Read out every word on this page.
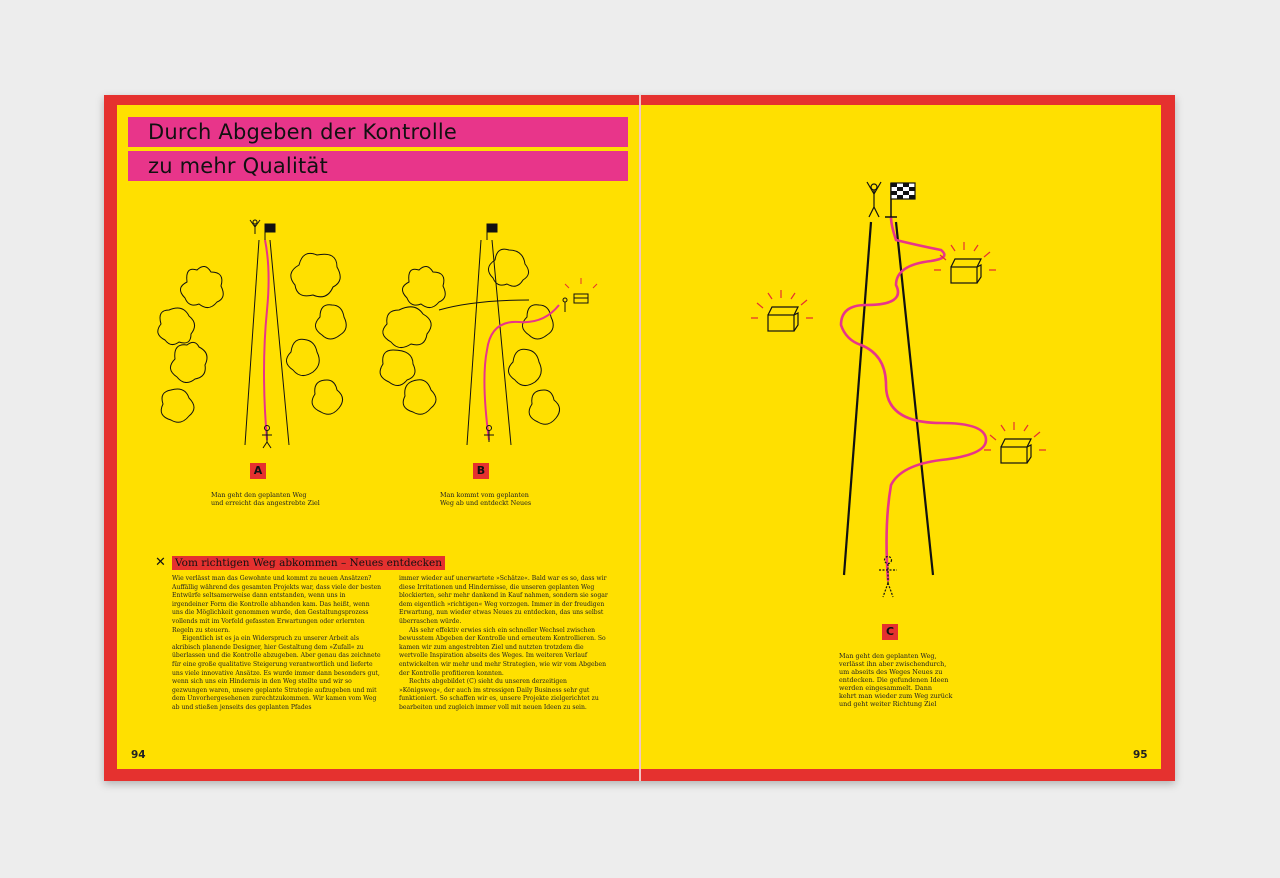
Durch Abgeben der Kontrolle
zu mehr Qualität
A
Man geht den geplanten Weg
und erreicht das angestrebte Ziel
B
Man kommt vom geplanten
Weg ab und entdeckt Neues
✕ Vom richtigen Weg abkommen – Neues entdecken

Wie verlässt man das Gewohnte und kommt zu neuen Ansätzen? Auffällig während des gesamten Projekts war, dass viele der besten Entwürfe seltsamerweise dann entstanden, wenn uns in irgendeiner Form die Kontrolle abhanden kam. Das heißt, wenn uns die Möglichkeit genommen wurde, den Gestaltungsprozess vollends mit im Vorfeld gefassten Erwartungen oder erlernten Regeln zu steuern.

Eigentlich ist es ja ein Widerspruch zu unserer Arbeit als akribisch planende Designer, hier Gestaltung dem »Zufall« zu überlassen und die Kontrolle abzugeben. Aber genau das zeichnete für eine große qualitative Steigerung verantwortlich und lieferte uns viele innovative Ansätze. Es wurde immer dann besonders gut, wenn sich uns ein Hindernis in den Weg stellte und wir so gezwungen waren, unsere geplante Strategie aufzugeben und mit dem Unvorhergesehenen zurechtzukommen. Wir kamen vom Weg ab und stießen jenseits des geplanten Pfades

immer wieder auf unerwartete »Schätze«. Bald war es so, dass wir diese Irritationen und Hindernisse, die unseren geplanten Weg blockierten, sehr mehr dankend in Kauf nahmen, sondern sie sogar dem eigentlich »richtigen« Weg vorzogen. Immer in der freudigen Erwartung, nun wieder etwas Neues zu entdecken, das uns selbst überraschen würde.

Als sehr effektiv erwies sich ein schneller Wechsel zwischen bewusstem Abgeben der Kontrolle und erneutem Kontrollieren. So kamen wir zum angestrebten Ziel und nutzten trotzdem die wertvolle Inspiration abseits des Weges. Im weiteren Verlauf entwickelten wir mehr und mehr Strategien, wie wir vom Abgeben der Kontrolle profitieren konnten.

Rechts abgebildet (C) sieht du unseren derzeitigen »Königsweg«, der auch im stressigen Daily Business sehr gut funktioniert. So schaffen wir es, unsere Projekte zielgerichtet zu bearbeiten und zugleich immer voll mit neuen Ideen zu sein.

94
C
Man geht den geplanten Weg,
verlässt ihn aber zwischendurch,
um abseits des Weges Neues zu
entdecken. Die gefundenen Ideen
werden eingesammelt. Dann
kehrt man wieder zum Weg zurück
und geht weiter Richtung Ziel
95
